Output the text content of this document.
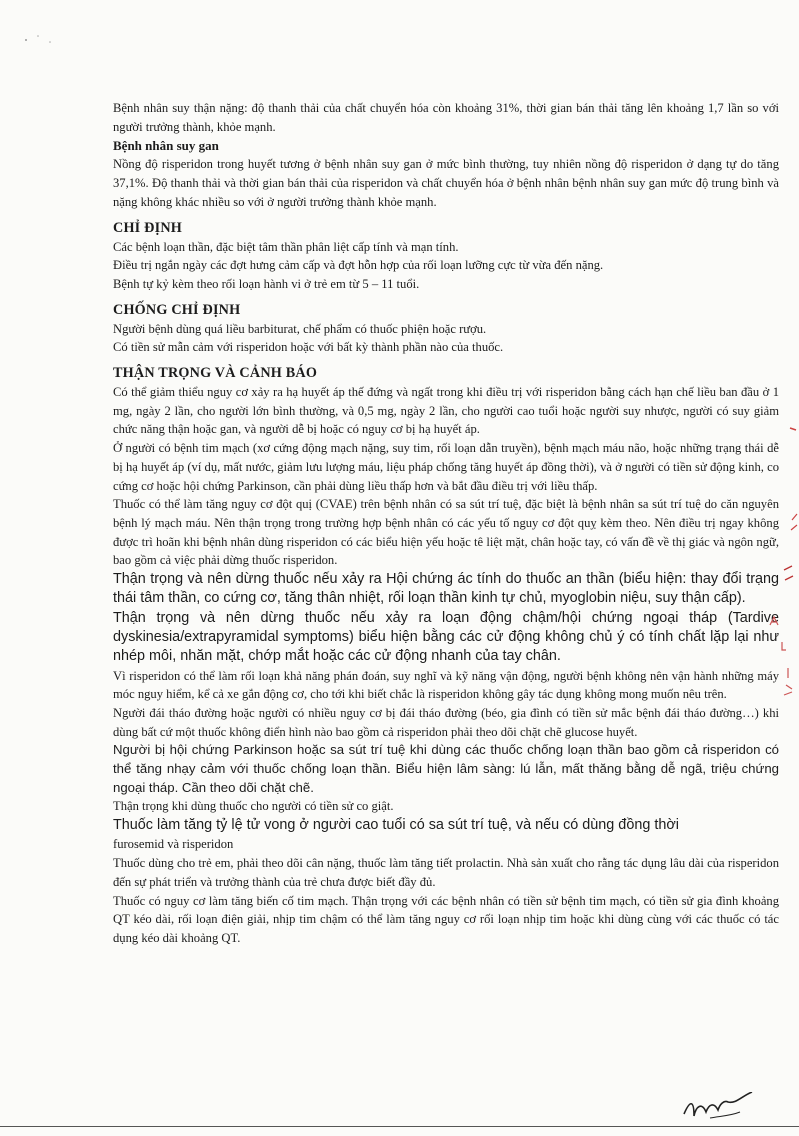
Bệnh nhân suy thận nặng: độ thanh thải của chất chuyển hóa còn khoảng 31%, thời gian bán thải tăng lên khoảng 1,7 lần so với người trưởng thành, khỏe mạnh.

Bệnh nhân suy gan

Nồng độ risperidon trong huyết tương ở bệnh nhân suy gan ở mức bình thường, tuy nhiên nồng độ risperidon ở dạng tự do tăng 37,1%. Độ thanh thải và thời gian bán thải của risperidon và chất chuyển hóa ở bệnh nhân bệnh nhân suy gan mức độ trung bình và nặng không khác nhiều so với ở người trưởng thành khỏe mạnh.

CHỈ ĐỊNH

Các bệnh loạn thần, đặc biệt tâm thần phân liệt cấp tính và mạn tính.

Điều trị ngắn ngày các đợt hưng cảm cấp và đợt hỗn hợp của rối loạn lưỡng cực từ vừa đến nặng.

Bệnh tự kỷ kèm theo rối loạn hành vi ở trẻ em từ 5 – 11 tuổi.

CHỐNG CHỈ ĐỊNH

Người bệnh dùng quá liều barbiturat, chế phẩm có thuốc phiện hoặc rượu.

Có tiền sử mẫn cảm với risperidon hoặc với bất kỳ thành phần nào của thuốc.

THẬN TRỌNG VÀ CẢNH BÁO

Có thể giảm thiểu nguy cơ xảy ra hạ huyết áp thế đứng và ngất trong khi điều trị với risperidon bằng cách hạn chế liều ban đầu ở 1 mg, ngày 2 lần, cho người lớn bình thường, và 0,5 mg, ngày 2 lần, cho người cao tuổi hoặc người suy nhược, người có suy giảm chức năng thận hoặc gan, và người dễ bị hoặc có nguy cơ bị hạ huyết áp.

Ở người có bệnh tim mạch (xơ cứng động mạch nặng, suy tim, rối loạn dẫn truyền), bệnh mạch máu não, hoặc những trạng thái dễ bị hạ huyết áp (ví dụ, mất nước, giảm lưu lượng máu, liệu pháp chống tăng huyết áp đồng thời), và ở người có tiền sử động kinh, co cứng cơ hoặc hội chứng Parkinson, cần phải dùng liều thấp hơn và bắt đầu điều trị với liều thấp.

Thuốc có thể làm tăng nguy cơ đột quị (CVAE) trên bệnh nhân có sa sút trí tuệ, đặc biệt là bệnh nhân sa sút trí tuệ do căn nguyên bệnh lý mạch máu. Nên thận trọng trong trường hợp bệnh nhân có các yếu tố nguy cơ đột quỵ kèm theo. Nên điều trị ngay không được trì hoãn khi bệnh nhân dùng risperidon có các biểu hiện yếu hoặc tê liệt mặt, chân hoặc tay, có vấn đề về thị giác và ngôn ngữ, bao gồm cả việc phải dừng thuốc risperidon.

Thận trọng và nên dừng thuốc nếu xảy ra Hội chứng ác tính do thuốc an thần (biểu hiện: thay đổi trạng thái tâm thần, co cứng cơ, tăng thân nhiệt, rối loạn thần kinh tự chủ, myoglobin niệu, suy thận cấp).

Thận trọng và nên dừng thuốc nếu xảy ra loạn động chậm/hội chứng ngoại tháp (Tardive dyskinesia/extrapyramidal symptoms) biểu hiện bằng các cử động không chủ ý có tính chất lặp lại như nhép môi, nhăn mặt, chớp mắt hoặc các cử động nhanh của tay chân.

Vì risperidon có thể làm rối loạn khả năng phán đoán, suy nghĩ và kỹ năng vận động, người bệnh không nên vận hành những máy móc nguy hiểm, kể cả xe gắn động cơ, cho tới khi biết chắc là risperidon không gây tác dụng không mong muốn nêu trên.

Người đái tháo đường hoặc người có nhiều nguy cơ bị đái tháo đường (béo, gia đình có tiền sử mắc bệnh đái tháo đường…) khi dùng bất cứ một thuốc không điển hình nào bao gồm cả risperidon phải theo dõi chặt chẽ glucose huyết.

Người bị hội chứng Parkinson hoặc sa sút trí tuệ khi dùng các thuốc chống loạn thần bao gồm cả risperidon có thể tăng nhạy cảm với thuốc chống loạn thần. Biểu hiện lâm sàng: lú lẫn, mất thăng bằng dễ ngã, triệu chứng ngoại tháp. Cần theo dõi chặt chẽ.

Thận trọng khi dùng thuốc cho người có tiền sử co giật.

Thuốc làm tăng tỷ lệ tử vong ở người cao tuổi có sa sút trí tuệ, và nếu có dùng đồng thời

furosemid và risperidon

Thuốc dùng cho trẻ em, phải theo dõi cân nặng, thuốc làm tăng tiết prolactin. Nhà sản xuất cho rằng tác dụng lâu dài của risperidon đến sự phát triển và trưởng thành của trẻ chưa được biết đầy đủ.

Thuốc có nguy cơ làm tăng biến cố tim mạch. Thận trọng với các bệnh nhân có tiền sử bệnh tim mạch, có tiền sử gia đình khoảng QT kéo dài, rối loạn điện giải, nhịp tim chậm có thể làm tăng nguy cơ rối loạn nhịp tim hoặc khi dùng cùng với các thuốc có tác dụng kéo dài khoảng QT.
